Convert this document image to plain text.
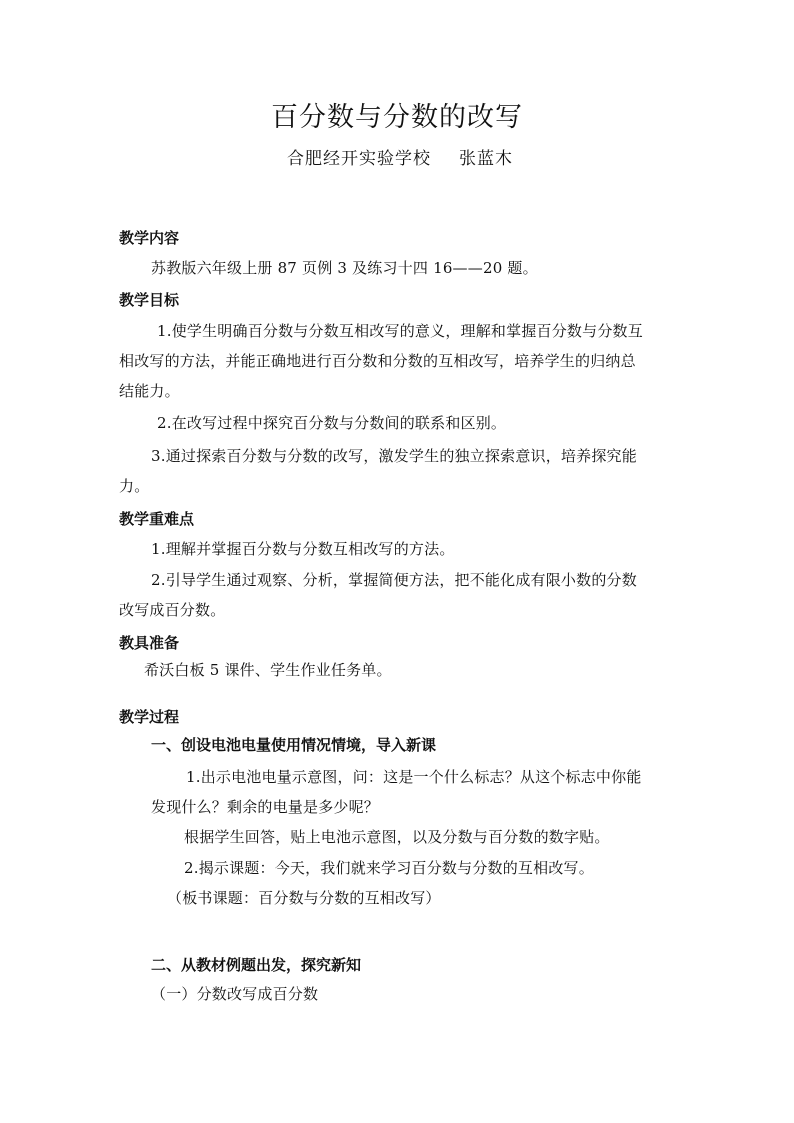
百分数与分数的改写
合肥经开实验学校 张蓝木
教学内容
苏教版六年级上册 87 页例 3 及练习十四 16——20 题。
教学目标
1.使学生明确百分数与分数互相改写的意义，理解和掌握百分数与分数互
相改写的方法，并能正确地进行百分数和分数的互相改写，培养学生的归纳总
结能力。
2.在改写过程中探究百分数与分数间的联系和区别。
3.通过探索百分数与分数的改写，激发学生的独立探索意识，培养探究能
力。
教学重难点
1.理解并掌握百分数与分数互相改写的方法。
2.引导学生通过观察、分析，掌握简便方法，把不能化成有限小数的分数
改写成百分数。
教具准备
希沃白板 5 课件、学生作业任务单。
教学过程
一、创设电池电量使用情况情境，导入新课
1.出示电池电量示意图，问：这是一个什么标志？从这个标志中你能
发现什么？剩余的电量是多少呢？
根据学生回答，贴上电池示意图，以及分数与百分数的数字贴。
2.揭示课题：今天，我们就来学习百分数与分数的互相改写。
（板书课题：百分数与分数的互相改写）
二、从教材例题出发，探究新知
（一）分数改写成百分数
